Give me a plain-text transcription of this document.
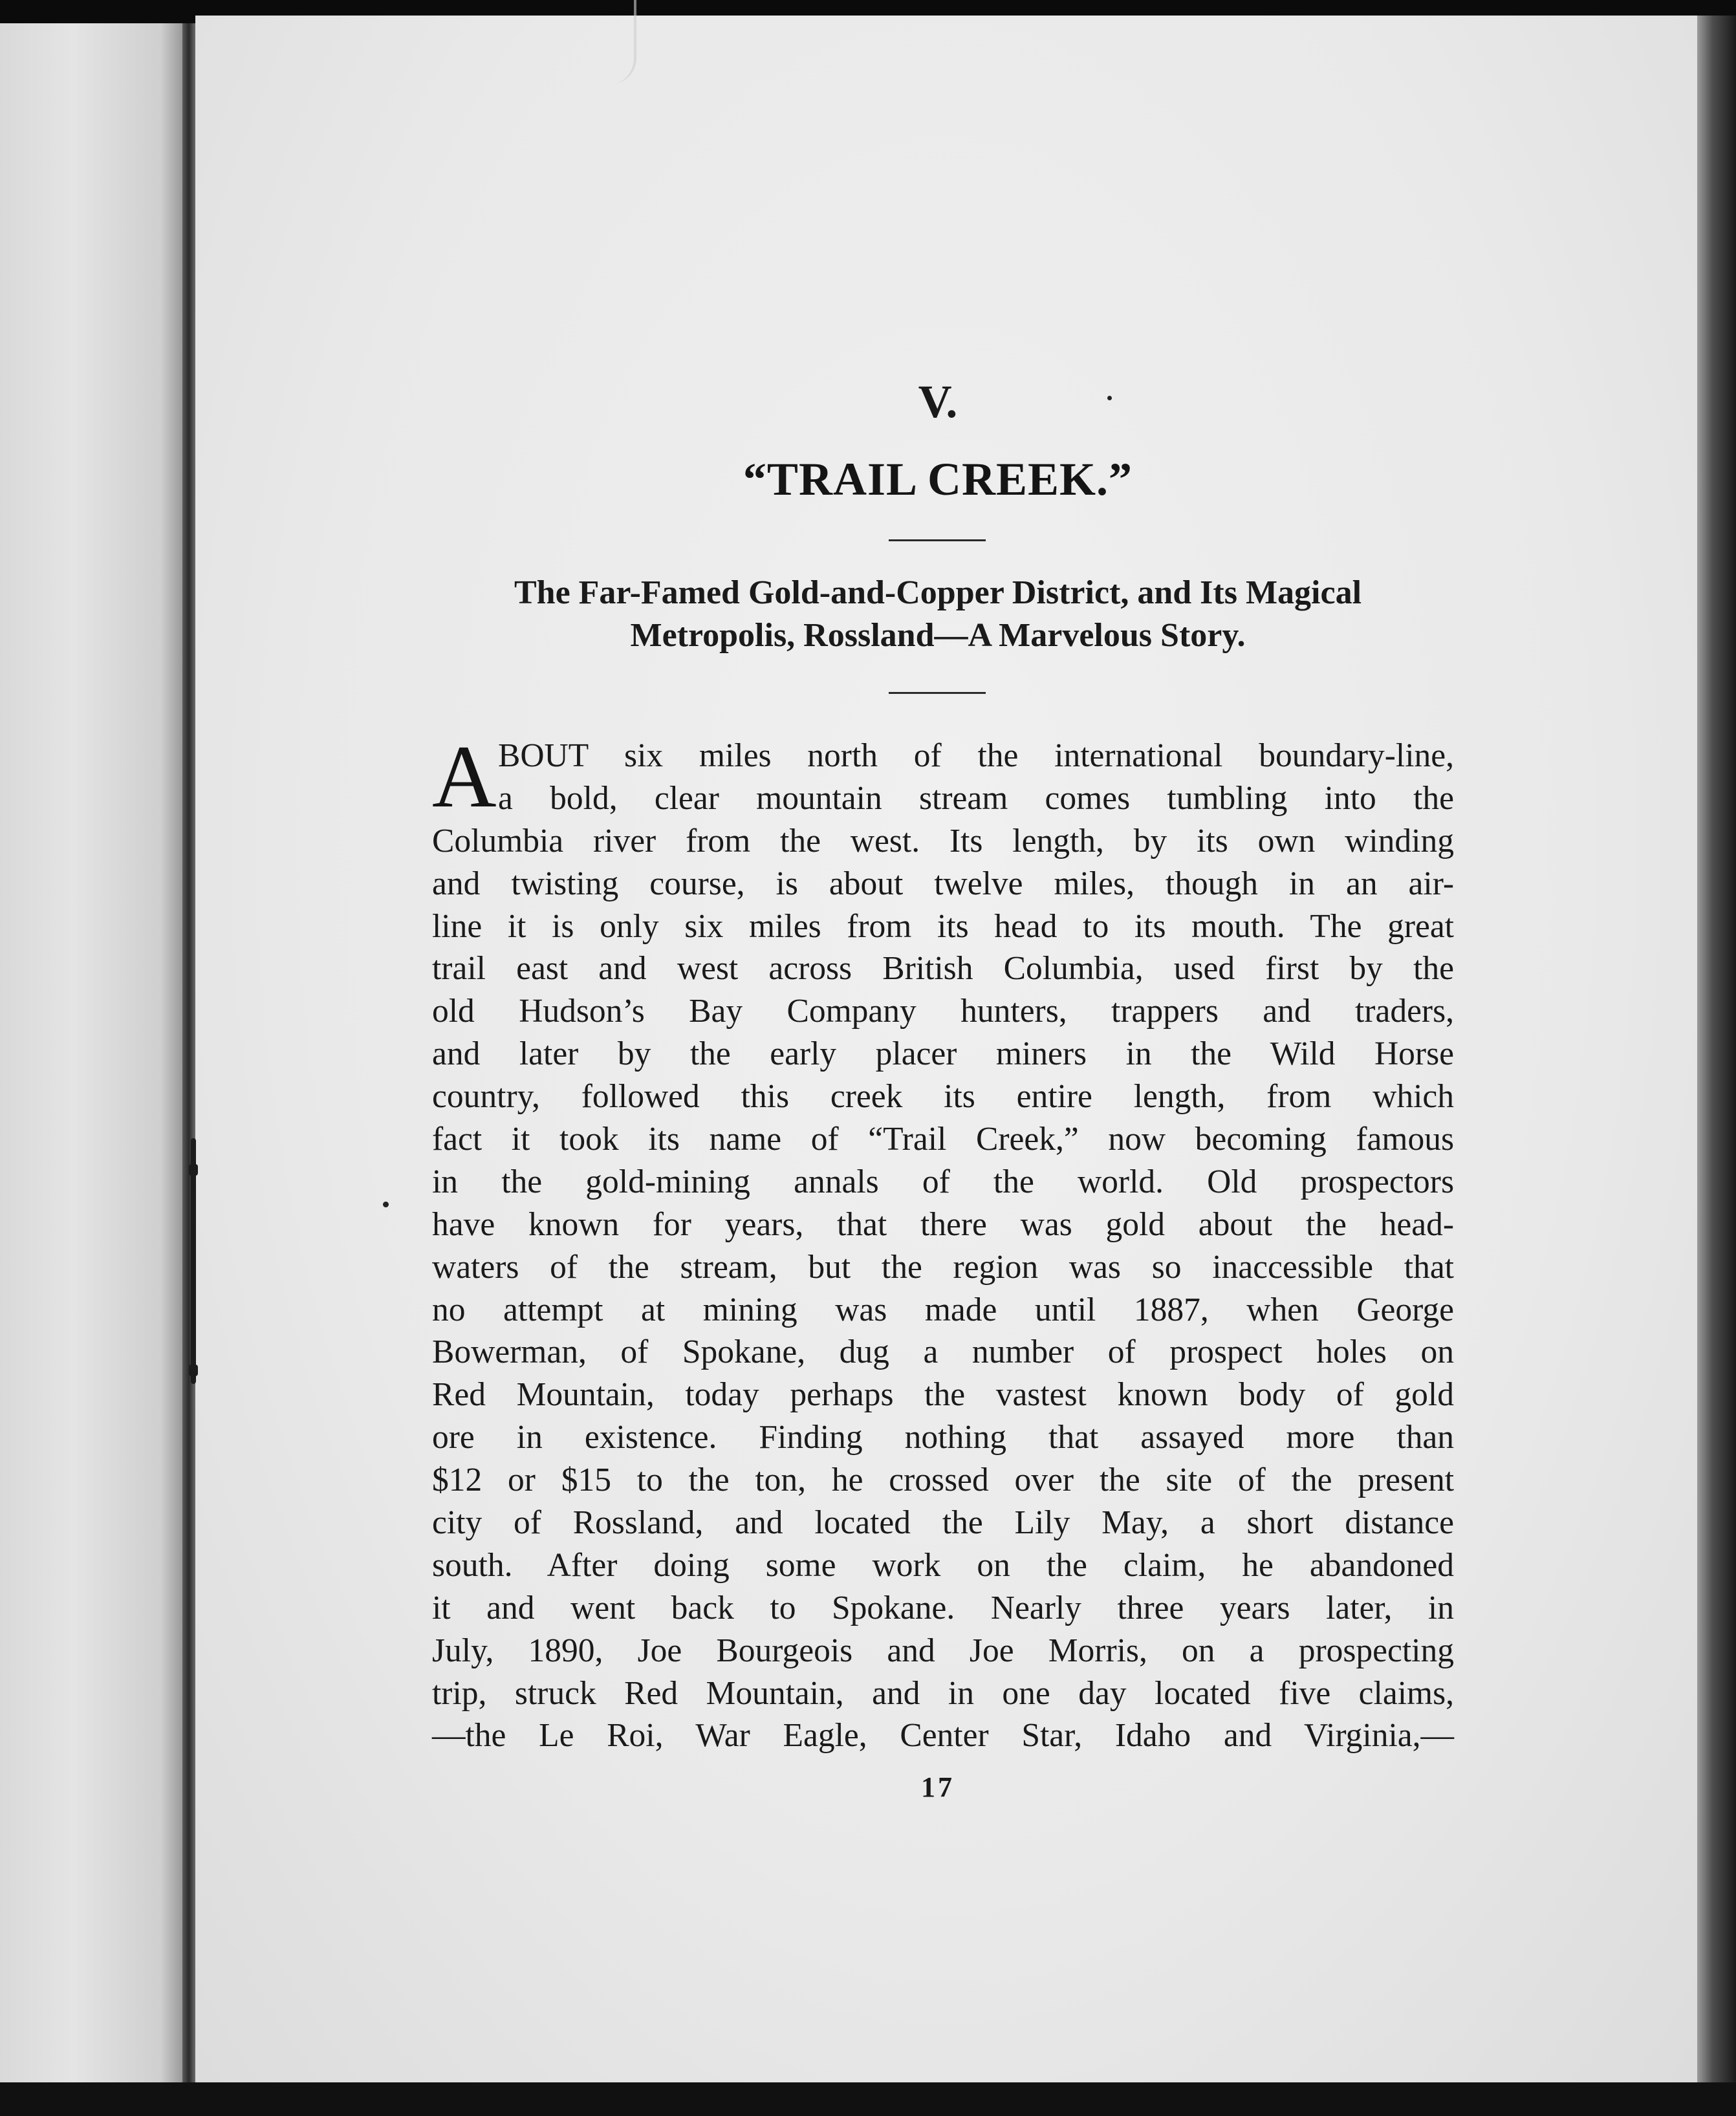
V.
“TRAIL CREEK.”
The Far-Famed Gold-and-Copper District, and Its Magical
Metropolis, Rossland—A Marvelous Story.
A BOUT six miles north of the international boundary-line,
a bold, clear mountain stream comes tumbling into the
Columbia river from the west. Its length, by its own winding
and twisting course, is about twelve miles, though in an air-
line it is only six miles from its head to its mouth. The great
trail east and west across British Columbia, used first by the
old Hudson’s Bay Company hunters, trappers and traders,
and later by the early placer miners in the Wild Horse
country, followed this creek its entire length, from which
fact it took its name of “Trail Creek,” now becoming famous
in the gold-mining annals of the world. Old prospectors
have known for years, that there was gold about the head-
waters of the stream, but the region was so inaccessible that
no attempt at mining was made until 1887, when George
Bowerman, of Spokane, dug a number of prospect holes on
Red Mountain, today perhaps the vastest known body of gold
ore in existence. Finding nothing that assayed more than
$12 or $15 to the ton, he crossed over the site of the present
city of Rossland, and located the Lily May, a short distance
south. After doing some work on the claim, he abandoned
it and went back to Spokane. Nearly three years later, in
July, 1890, Joe Bourgeois and Joe Morris, on a prospecting
trip, struck Red Mountain, and in one day located five claims,
—the Le Roi, War Eagle, Center Star, Idaho and Virginia,—
17
